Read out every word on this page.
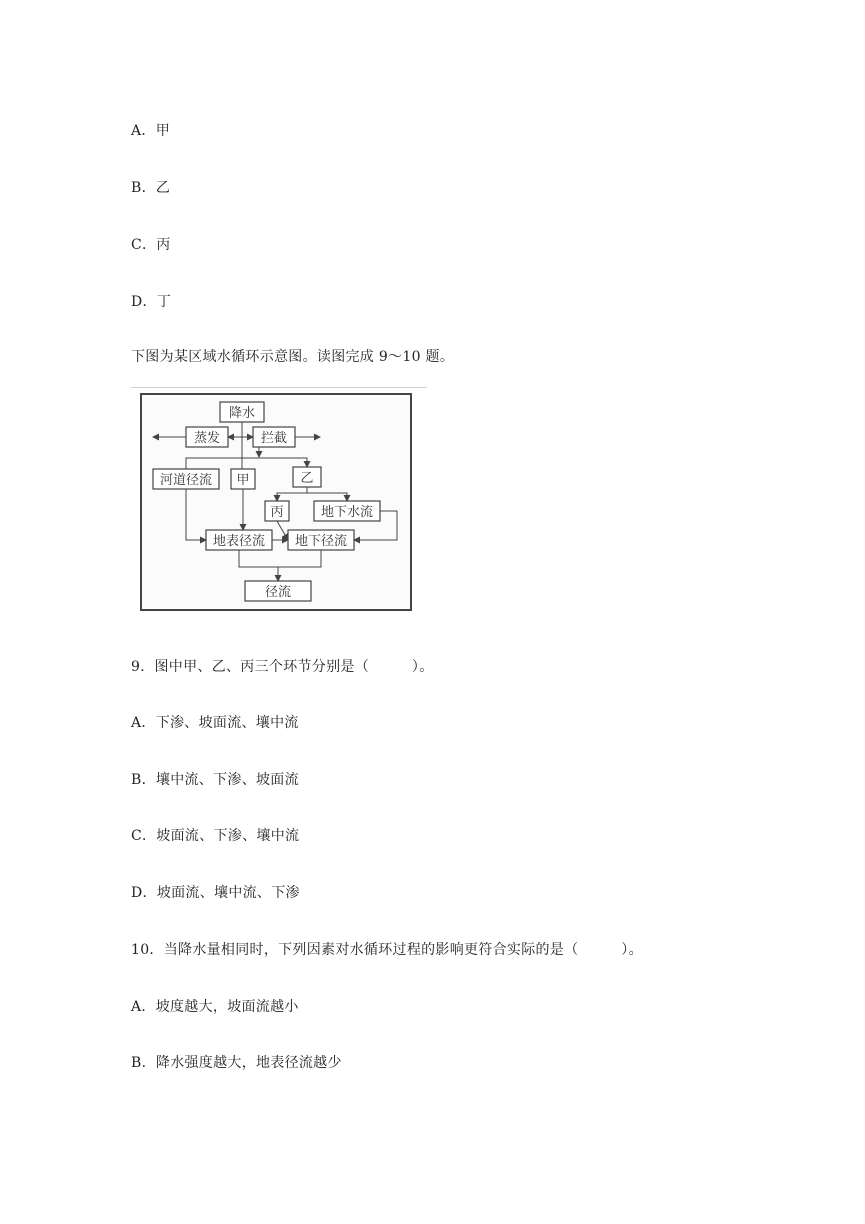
A．甲
B．乙
C．丙
D．丁
下图为某区域水循环示意图。读图完成 9～10 题。
降水
蒸发	拦截
河道径流 甲	乙
丙	地下水流
地表径流 地下径流
径流
9．图中甲、乙、丙三个环节分别是（　　　）。
A．下渗、坡面流、壤中流
B．壤中流、下渗、坡面流
C．坡面流、下渗、壤中流
D．坡面流、壤中流、下渗
10．当降水量相同时，下列因素对水循环过程的影响更符合实际的是（　　　）。
A．坡度越大，坡面流越小
B．降水强度越大，地表径流越少
